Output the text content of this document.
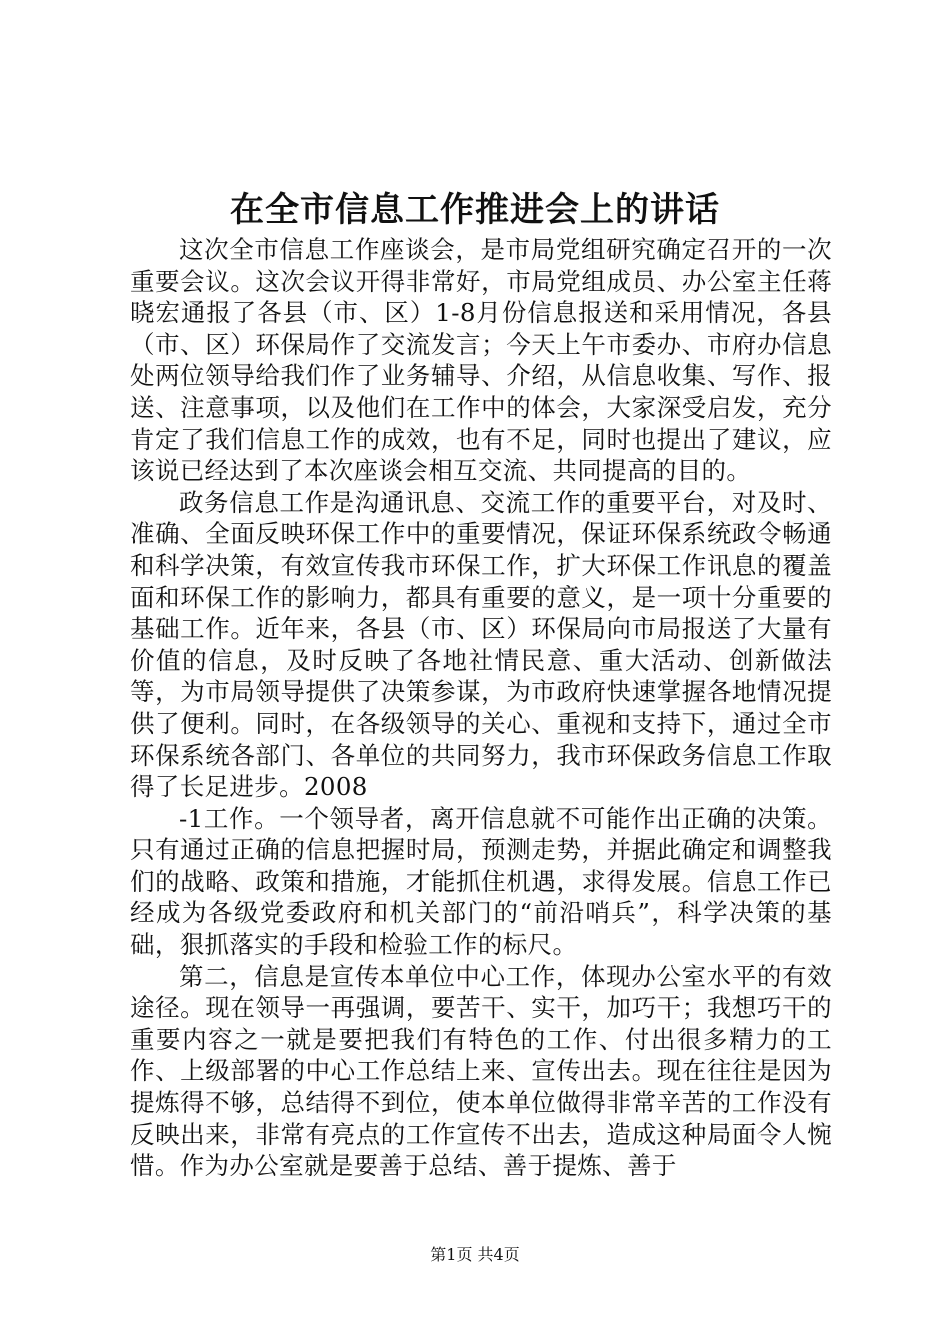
在全市信息工作推进会上的讲话

这次全市信息工作座谈会，是市局党组研究确定召开的一次重要会议。这次会议开得非常好，市局党组成员、办公室主任蒋晓宏通报了各县（市、区）1-8月份信息报送和采用情况，各县（市、区）环保局作了交流发言；今天上午市委办、市府办信息处两位领导给我们作了业务辅导、介绍，从信息收集、写作、报送、注意事项，以及他们在工作中的体会，大家深受启发，充分肯定了我们信息工作的成效，也有不足，同时也提出了建议，应该说已经达到了本次座谈会相互交流、共同提高的目的。

政务信息工作是沟通讯息、交流工作的重要平台，对及时、准确、全面反映环保工作中的重要情况，保证环保系统政令畅通和科学决策，有效宣传我市环保工作，扩大环保工作讯息的覆盖面和环保工作的影响力，都具有重要的意义，是一项十分重要的基础工作。近年来，各县（市、区）环保局向市局报送了大量有价值的信息，及时反映了各地社情民意、重大活动、创新做法等，为市局领导提供了决策参谋，为市政府快速掌握各地情况提供了便利。同时，在各级领导的关心、重视和支持下，通过全市环保系统各部门、各单位的共同努力，我市环保政务信息工作取得了长足进步。2008

-1工作。一个领导者，离开信息就不可能作出正确的决策。只有通过正确的信息把握时局，预测走势，并据此确定和调整我们的战略、政策和措施，才能抓住机遇，求得发展。信息工作已经成为各级党委政府和机关部门的“前沿哨兵”，科学决策的基础，狠抓落实的手段和检验工作的标尺。

第二，信息是宣传本单位中心工作，体现办公室水平的有效途径。现在领导一再强调，要苦干、实干，加巧干；我想巧干的重要内容之一就是要把我们有特色的工作、付出很多精力的工作、上级部署的中心工作总结上来、宣传出去。现在往往是因为提炼得不够，总结得不到位，使本单位做得非常辛苦的工作没有反映出来，非常有亮点的工作宣传不出去，造成这种局面令人惋惜。作为办公室就是要善于总结、善于提炼、善于

第1页 共4页
